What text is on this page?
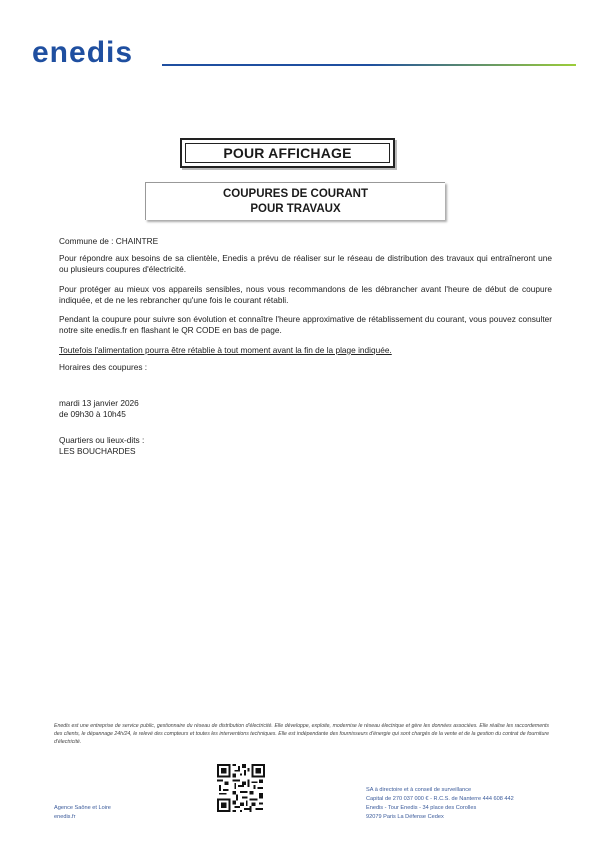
enedis
POUR AFFICHAGE
COUPURES DE COURANT
POUR TRAVAUX

Commune de : CHAINTRE

Pour répondre aux besoins de sa clientèle, Enedis a prévu de réaliser sur le réseau de distribution des travaux qui entraîneront une ou plusieurs coupures d'électricité.

Pour protéger au mieux vos appareils sensibles, nous vous recommandons de les débrancher avant l'heure de début de coupure indiquée, et de ne les rebrancher qu'une fois le courant rétabli.

Pendant la coupure pour suivre son évolution et connaître l'heure approximative de rétablissement du courant, vous pouvez consulter notre site enedis.fr en flashant le QR CODE en bas de page.

Toutefois l'alimentation pourra être rétablie à tout moment avant la fin de la plage indiquée.

Horaires des coupures :

mardi 13 janvier 2026

de 09h30 à 10h45

Quartiers ou lieux-dits :

LES BOUCHARDES

Enedis est une entreprise de service public, gestionnaire du réseau de distribution d'électricité. Elle développe, exploite, modernise le réseau électrique et gère les données associées. Elle réalise les raccordements des clients, le dépannage 24h/24, le relevé des compteurs et toutes les interventions techniques. Elle est indépendante des fournisseurs d'énergie qui sont chargés de la vente et de la gestion du contrat de fourniture d'électricité.

Agence Saône et Loire
enedis.fr
SA à directoire et à conseil de surveillance
Capital de 270 037 000 € - R.C.S. de Nanterre 444 608 442
Enedis - Tour Enedis - 34 place des Corolles
92079 Paris La Défense Cedex
